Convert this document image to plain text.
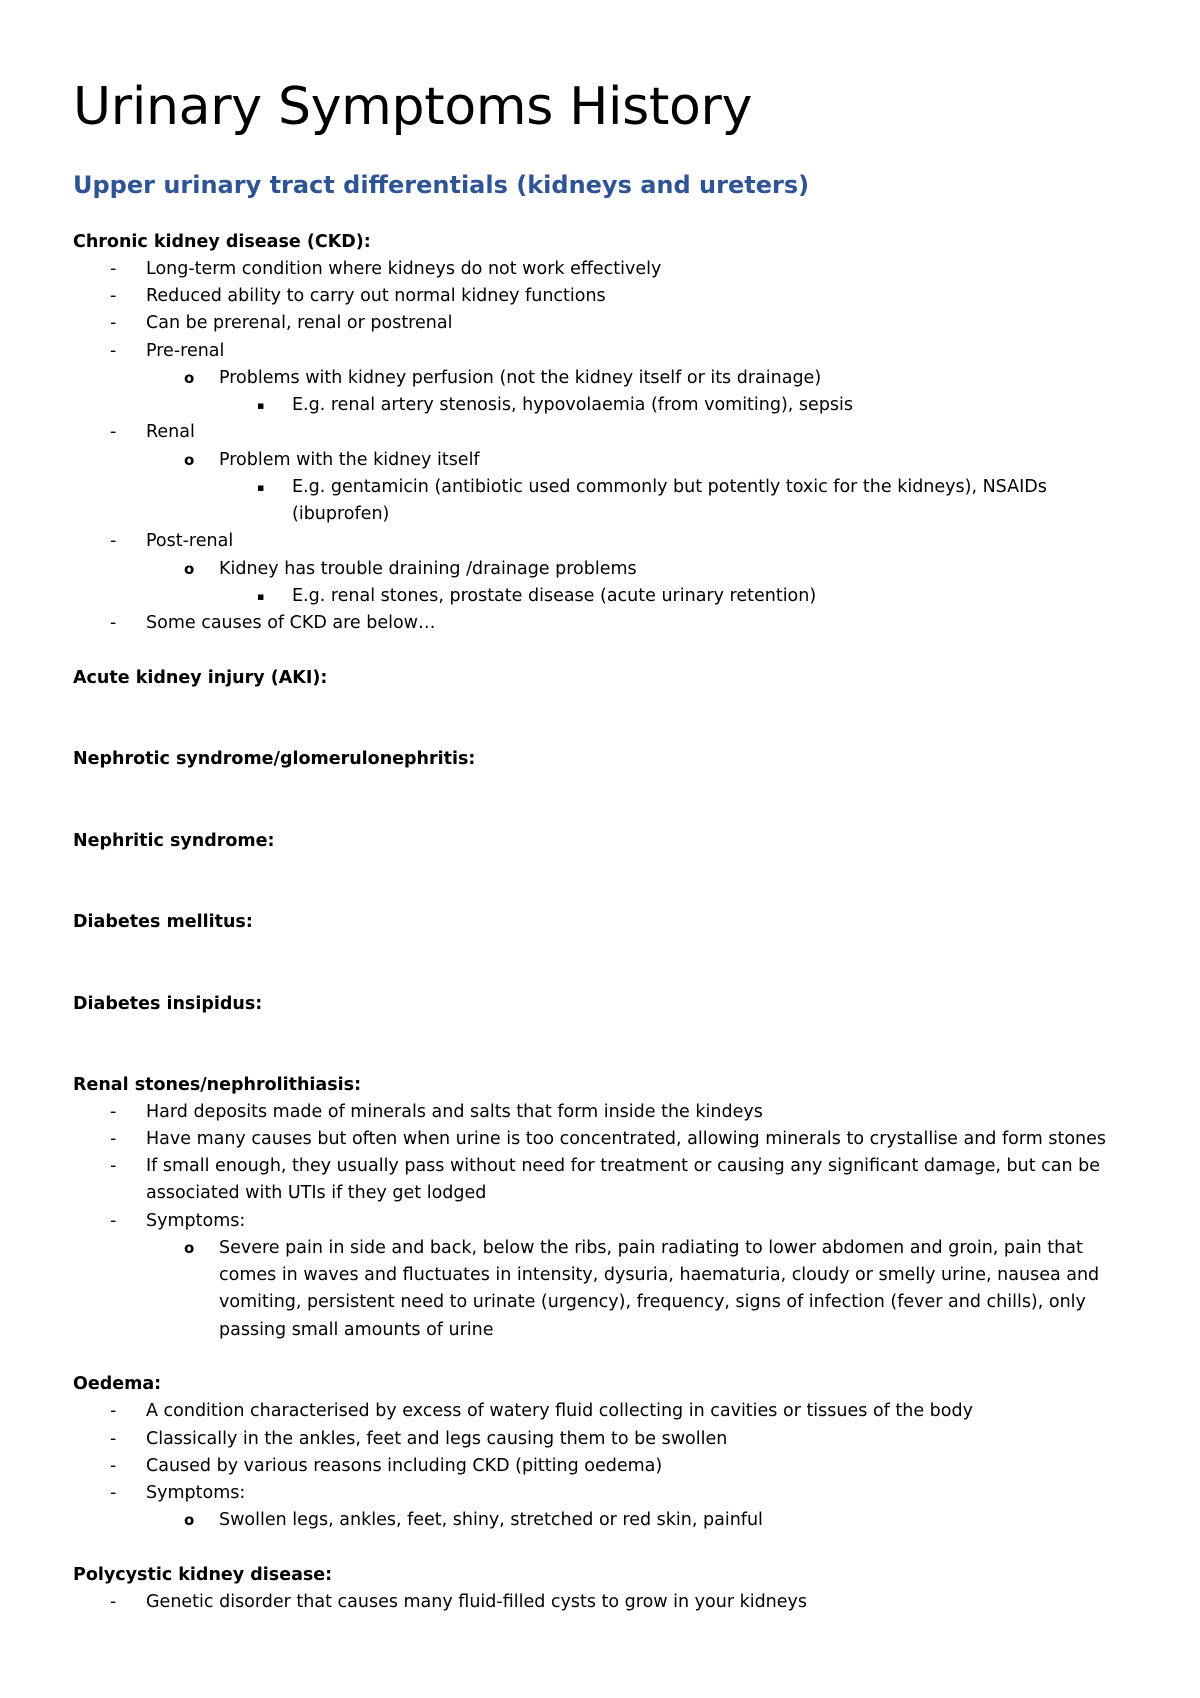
Urinary Symptoms History
Upper urinary tract differentials (kidneys and ureters)
Chronic kidney disease (CKD):
- Long-term condition where kidneys do not work effectively
- Reduced ability to carry out normal kidney functions
- Can be prerenal, renal or postrenal
- Pre-renal
o Problems with kidney perfusion (not the kidney itself or its drainage)
▪ E.g. renal artery stenosis, hypovolaemia (from vomiting), sepsis
- Renal
o Problem with the kidney itself
▪ E.g. gentamicin (antibiotic used commonly but potently toxic for the kidneys), NSAIDs
(ibuprofen)
- Post-renal
o Kidney has trouble draining /drainage problems
▪ E.g. renal stones, prostate disease (acute urinary retention)
- Some causes of CKD are below…
Acute kidney injury (AKI):
Nephrotic syndrome/glomerulonephritis:
Nephritic syndrome:
Diabetes mellitus:
Diabetes insipidus:
Renal stones/nephrolithiasis:
- Hard deposits made of minerals and salts that form inside the kindeys
- Have many causes but often when urine is too concentrated, allowing minerals to crystallise and form stones
- If small enough, they usually pass without need for treatment or causing any significant damage, but can be
associated with UTIs if they get lodged
- Symptoms:
o Severe pain in side and back, below the ribs, pain radiating to lower abdomen and groin, pain that
comes in waves and fluctuates in intensity, dysuria, haematuria, cloudy or smelly urine, nausea and
vomiting, persistent need to urinate (urgency), frequency, signs of infection (fever and chills), only
passing small amounts of urine
Oedema:
- A condition characterised by excess of watery fluid collecting in cavities or tissues of the body
- Classically in the ankles, feet and legs causing them to be swollen
- Caused by various reasons including CKD (pitting oedema)
- Symptoms:
o Swollen legs, ankles, feet, shiny, stretched or red skin, painful
Polycystic kidney disease:
- Genetic disorder that causes many fluid-filled cysts to grow in your kidneys
